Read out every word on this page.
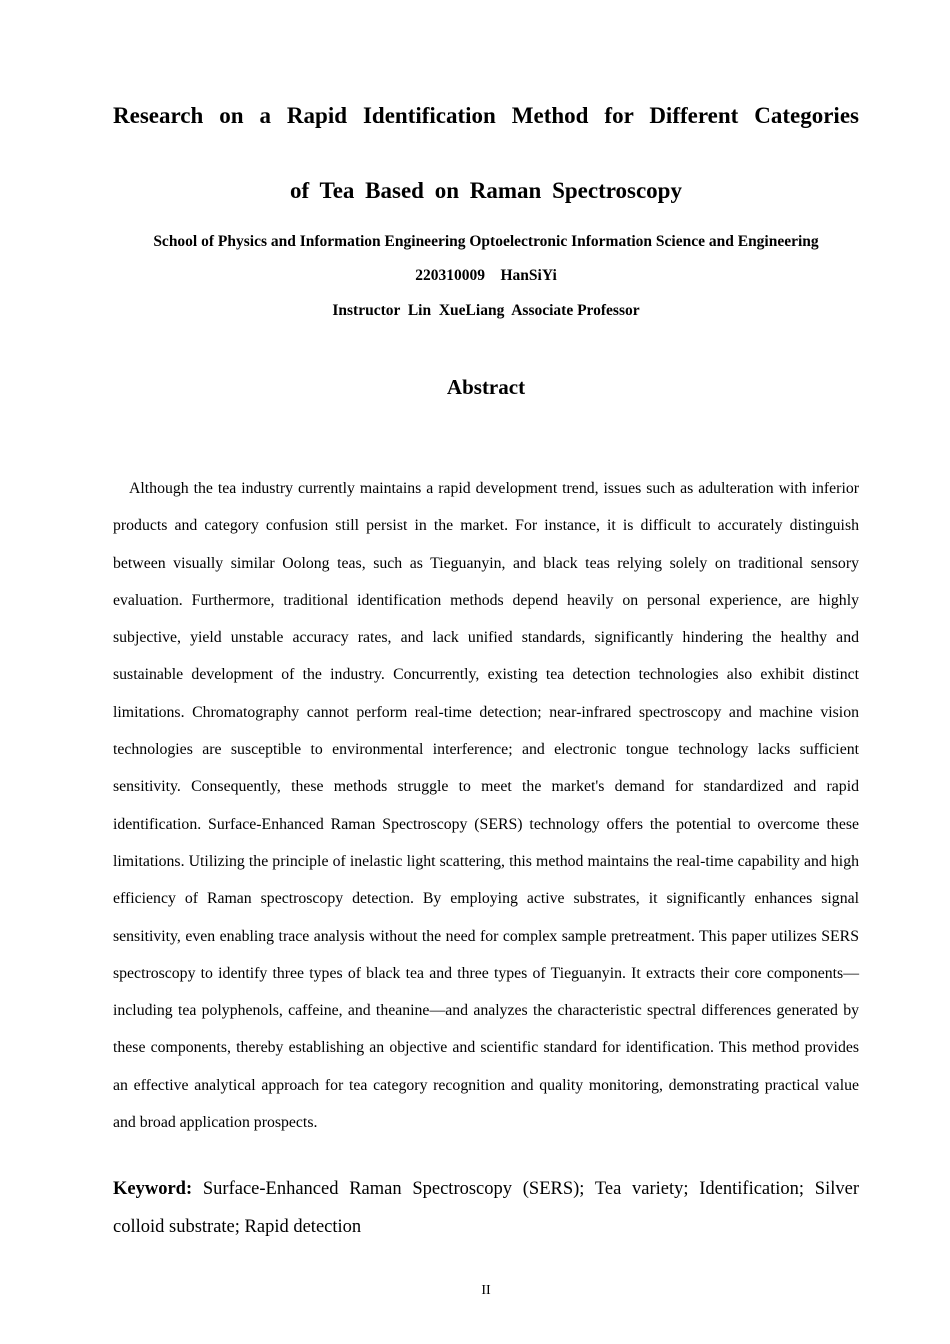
Research on a Rapid Identification Method for Different Categories
of Tea Based on Raman Spectroscopy

School of Physics and Information Engineering Optoelectronic Information Science and Engineering

220310009    HanSiYi

Instructor  Lin  XueLiang  Associate Professor

Abstract

Although the tea industry currently maintains a rapid development trend, issues such as adulteration with inferior products and category confusion still persist in the market. For instance, it is difficult to accurately distinguish between visually similar Oolong teas, such as Tieguanyin, and black teas relying solely on traditional sensory evaluation. Furthermore, traditional identification methods depend heavily on personal experience, are highly subjective, yield unstable accuracy rates, and lack unified standards, significantly hindering the healthy and sustainable development of the industry. Concurrently, existing tea detection technologies also exhibit distinct limitations. Chromatography cannot perform real-time detection; near-infrared spectroscopy and machine vision technologies are susceptible to environmental interference; and electronic tongue technology lacks sufficient sensitivity. Consequently, these methods struggle to meet the market's demand for standardized and rapid identification. Surface-Enhanced Raman Spectroscopy (SERS) technology offers the potential to overcome these limitations. Utilizing the principle of inelastic light scattering, this method maintains the real-time capability and high efficiency of Raman spectroscopy detection. By employing active substrates, it significantly enhances signal sensitivity, even enabling trace analysis without the need for complex sample pretreatment. This paper utilizes SERS spectroscopy to identify three types of black tea and three types of Tieguanyin. It extracts their core components—including tea polyphenols, caffeine, and theanine—and analyzes the characteristic spectral differences generated by these components, thereby establishing an objective and scientific standard for identification. This method provides an effective analytical approach for tea category recognition and quality monitoring, demonstrating practical value and broad application prospects.

Keyword: Surface-Enhanced Raman Spectroscopy (SERS); Tea variety; Identification; Silver colloid substrate; Rapid detection

II
